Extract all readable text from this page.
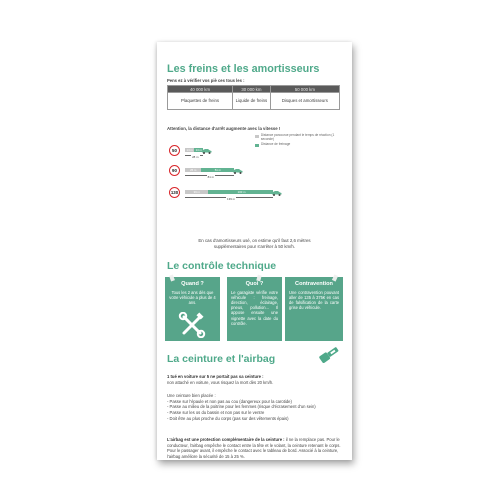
Les freins et les amortisseurs
Pens ez à vérifier vos piè ces tous les :
40 000 km	30 000 km	50 000 km
Plaquettes de freins	Liquide de freins	Disques et amortisseurs
Attention, la distance d'arrêt augmente avec la vitesse !
Distance parcourue pendant le temps de réaction (1 seconde)
Distance de freinage
50	14 m 14 m
28 m
90	25 m	51 m
81 m
130	36 m	100 m
139 m
En cas d'amortisseurs usé, on estime qu'il faut 2,6 mètres supplémentaires pour s'arrêter à 50 km/h.
Le contrôle technique
Quand ?
Tous les 2 ans dès que votre véhicule a plus de 4 ans.
Quoi ?
Le garagiste vérifie votre véhicule : freinage, direction, éclairage, pneus, pollution... Il appose ensuite une vignette avec la date du contrôle.
Contravention
Une contravention pouvant aller de 135 à 375€ en cas de falsification de la carte grise du véhicule.
La ceinture et l'airbag
1 tué en voiture sur 5 ne portait pas sa ceinture :
non attaché en voiture, vous risquez la mort dès 20 km/h.
Une ceinture bien placée :
- Passe sur l'épaule et non pas au cou (dangereux pour la carotide)
- Passe au milieu de la poitrine pour les femmes (risque d'écrasement d'un sein)
- Passe sur les os du bassin et non pas sur le ventre
- Doit être au plus proche du corps (pas sur des vêtements épais)
L'airbag est une protection complémentaire de la ceinture : il ne la remplace pas. Pour le conducteur, l'airbag empêche le contact entre la tête et le volant, la ceinture retenant le corps. Pour le passager avant, il empêche le contact avec le tableau de bord. Associé à la ceinture, l'airbag améliore la sécurité de 15 à 25 %.
